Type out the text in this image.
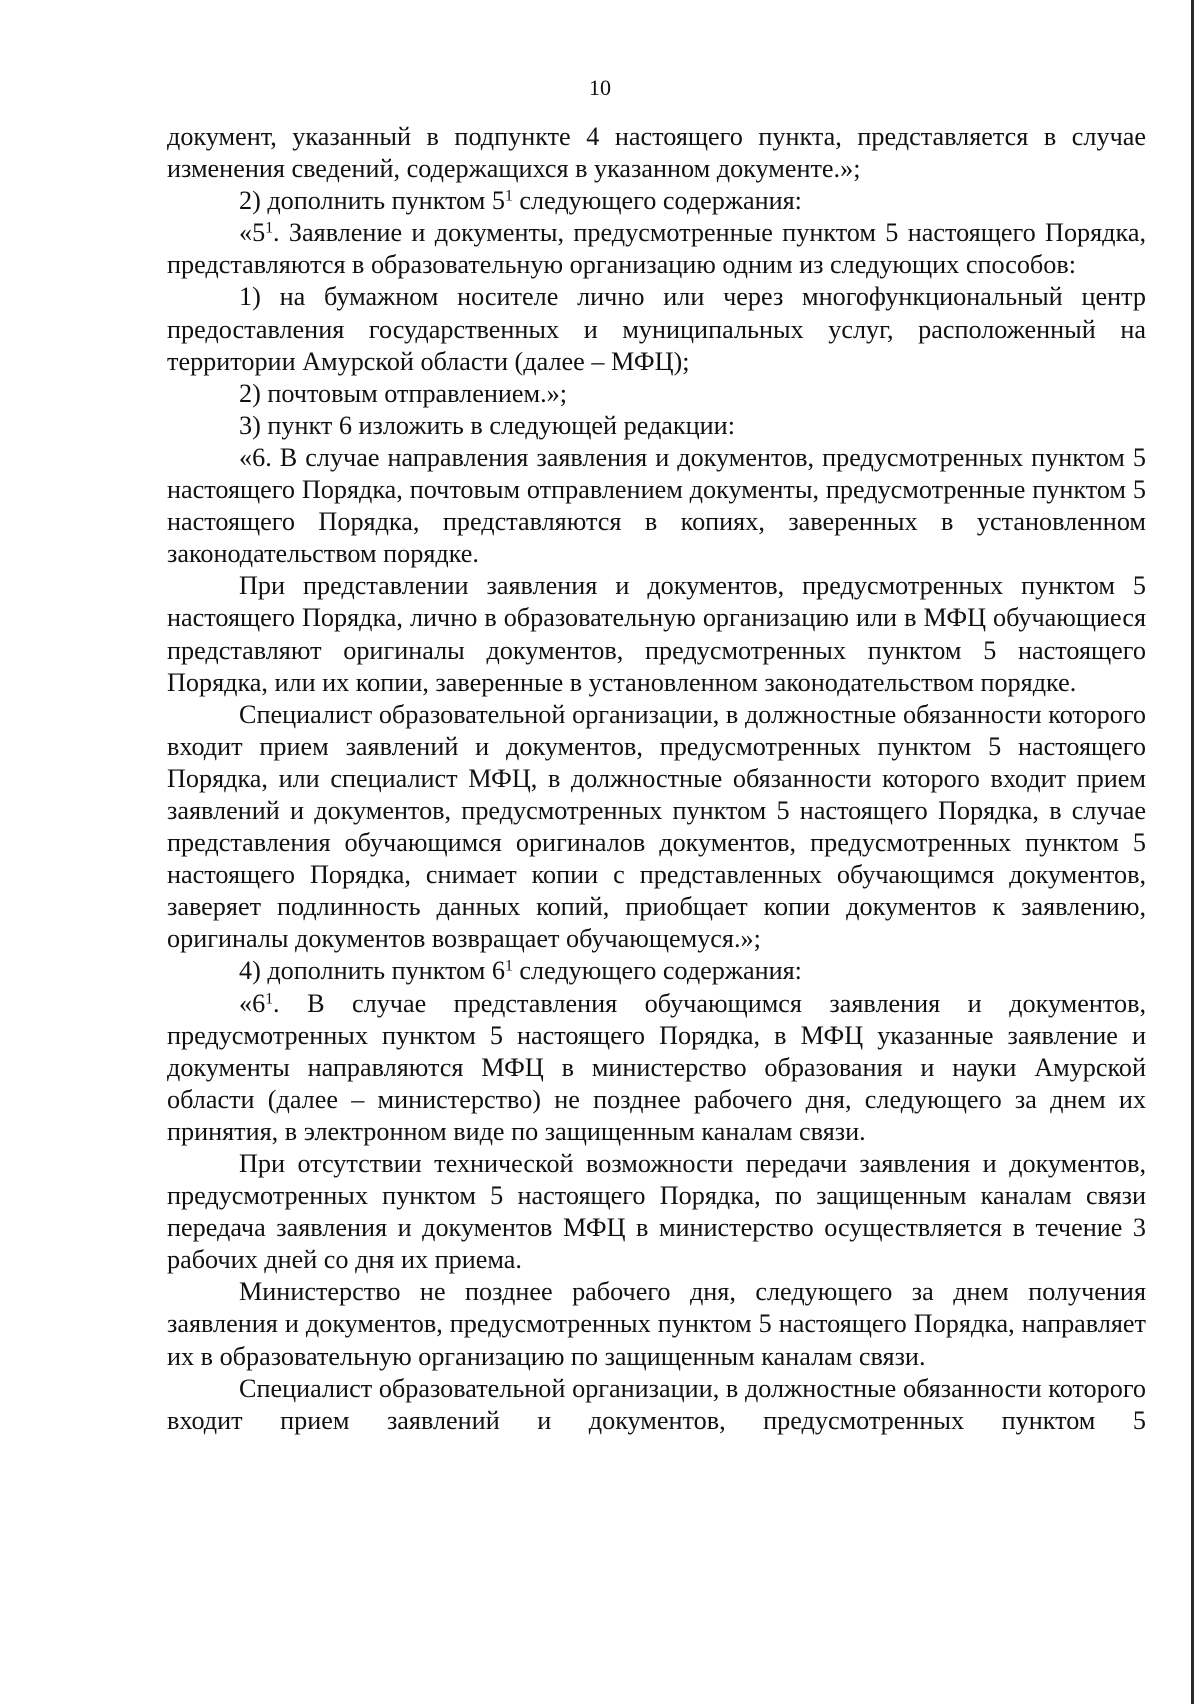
10

документ, указанный в подпункте 4 настоящего пункта, представляется в случае изменения сведений, содержащихся в указанном документе.»;

2) дополнить пунктом $5^1$ следующего содержания:

«$5^1$. Заявление и документы, предусмотренные пунктом 5 настоящего Порядка, представляются в образовательную организацию одним из следующих способов:

1) на бумажном носителе лично или через многофункциональный центр предоставления государственных и муниципальных услуг, расположенный на территории Амурской области (далее – МФЦ);

2) почтовым отправлением.»;

3) пункт 6 изложить в следующей редакции:

«6. В случае направления заявления и документов, предусмотренных пунктом 5 настоящего Порядка, почтовым отправлением документы, предусмотренные пунктом 5 настоящего Порядка, представляются в копиях, заверенных в установленном законодательством порядке.

При представлении заявления и документов, предусмотренных пунктом 5 настоящего Порядка, лично в образовательную организацию или в МФЦ обучающиеся представляют оригиналы документов, предусмотренных пунктом 5 настоящего Порядка, или их копии, заверенные в установленном законодательством порядке.

Специалист образовательной организации, в должностные обязанности которого входит прием заявлений и документов, предусмотренных пунктом 5 настоящего Порядка, или специалист МФЦ, в должностные обязанности которого входит прием заявлений и документов, предусмотренных пунктом 5 настоящего Порядка, в случае представления обучающимся оригиналов документов, предусмотренных пунктом 5 настоящего Порядка, снимает копии с представленных обучающимся документов, заверяет подлинность данных копий, приобщает копии документов к заявлению, оригиналы документов возвращает обучающемуся.»;

4) дополнить пунктом $6^1$ следующего содержания:

«$6^1$. В случае представления обучающимся заявления и документов, предусмотренных пунктом 5 настоящего Порядка, в МФЦ указанные заявление и документы направляются МФЦ в министерство образования и науки Амурской области (далее – министерство) не позднее рабочего дня, следующего за днем их принятия, в электронном виде по защищенным каналам связи.

При отсутствии технической возможности передачи заявления и документов, предусмотренных пунктом 5 настоящего Порядка, по защищенным каналам связи передача заявления и документов МФЦ в министерство осуществляется в течение 3 рабочих дней со дня их приема.

Министерство не позднее рабочего дня, следующего за днем получения заявления и документов, предусмотренных пунктом 5 настоящего Порядка, направляет их в образовательную организацию по защищенным каналам связи.

Специалист образовательной организации, в должностные обязанности которого входит прием заявлений и документов, предусмотренных пунктом 5
